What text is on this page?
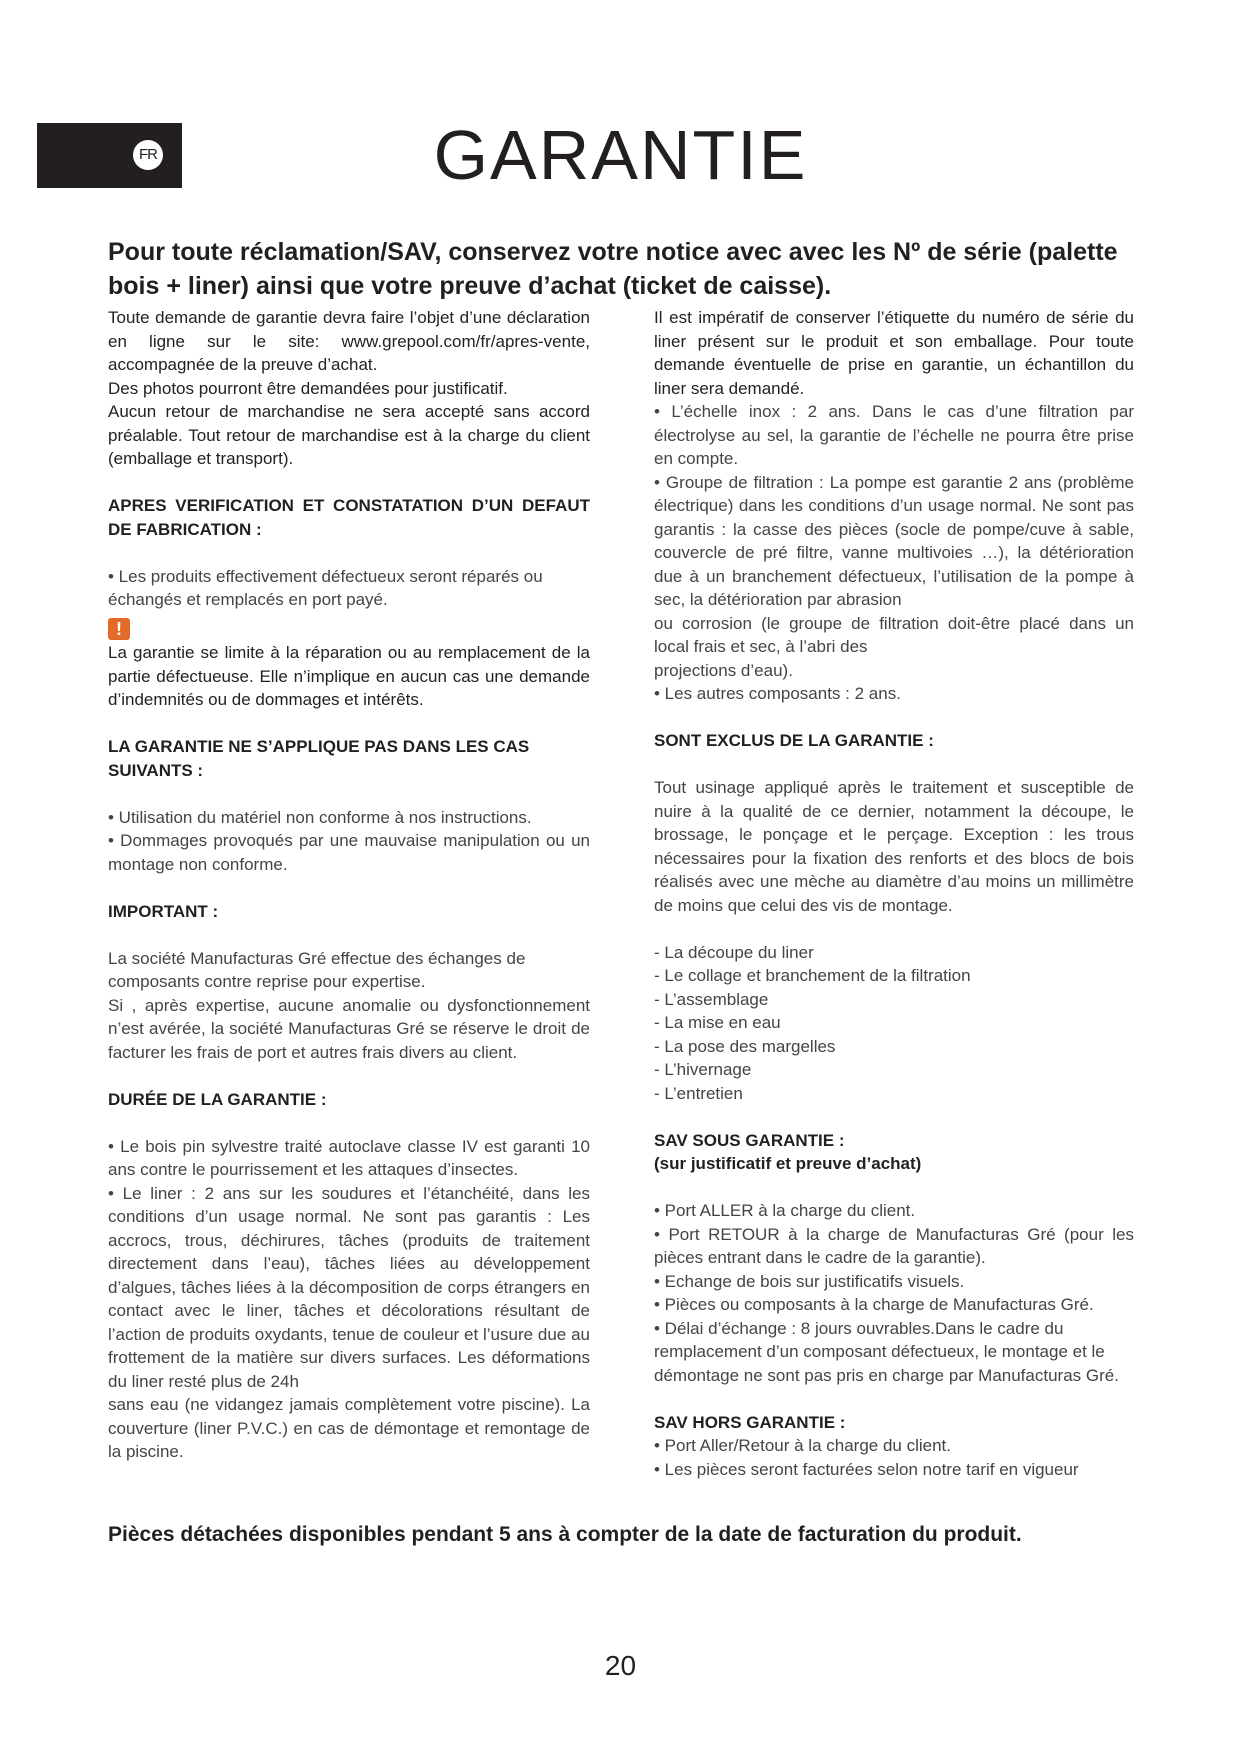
FR	GARANTIE

Pour toute réclamation/SAV, conservez votre notice avec avec les Nº de série (palette bois + liner) ainsi que votre preuve d’achat (ticket de caisse).

Toute demande de garantie devra faire l’objet d’une déclaration en ligne sur le site: www.grepool.com/fr/apres-vente, accompagnée de la preuve d’achat.

Des photos pourront être demandées pour justificatif.

Aucun retour de marchandise ne sera accepté sans accord préalable. Tout retour de marchandise est à la charge du client (emballage et transport).

APRES VERIFICATION ET CONSTATATION D’UN DEFAUT DE FABRICATION :

• Les produits effectivement défectueux seront réparés ou échangés et remplacés en port payé.

!

La garantie se limite à la réparation ou au remplacement de la partie défectueuse. Elle n’implique en aucun cas une demande d’indemnités ou de dommages et intérêts.

LA GARANTIE NE S’APPLIQUE PAS DANS LES CAS SUIVANTS :

• Utilisation du matériel non conforme à nos instructions.

• Dommages provoqués par une mauvaise manipulation ou un montage non conforme.

IMPORTANT :

La société Manufacturas Gré effectue des échanges de composants contre reprise pour expertise.

Si , après expertise, aucune anomalie ou dysfonctionnement n’est avérée, la société Manufacturas Gré se réserve le droit de facturer les frais de port et autres frais divers au client.

DURÉE DE LA GARANTIE :

• Le bois pin sylvestre traité autoclave classe IV est garanti 10 ans contre le pourrissement et les attaques d’insectes.

• Le liner : 2 ans sur les soudures et l’étanchéité, dans les conditions d’un usage normal. Ne sont pas garantis : Les accrocs, trous, déchirures, tâches (produits de traitement directement dans l’eau), tâches liées au développement d’algues, tâches liées à la décomposition de corps étrangers en contact avec le liner, tâches et décolorations résultant de l’action de produits oxydants, tenue de couleur et l’usure due au frottement de la matière sur divers surfaces. Les déformations du liner resté plus de 24h

sans eau (ne vidangez jamais complètement votre piscine). La couverture (liner P.V.C.) en cas de démontage et remontage de la piscine.

Il est impératif de conserver l’étiquette du numéro de série du liner présent sur le produit et son emballage. Pour toute demande éventuelle de prise en garantie, un échantillon du liner sera demandé.

• L’échelle inox : 2 ans. Dans le cas d’une filtration par électrolyse au sel, la garantie de l’échelle ne pourra être prise en compte.

• Groupe de filtration : La pompe est garantie 2 ans (problème électrique) dans les conditions d’un usage normal. Ne sont pas garantis : la casse des pièces (socle de pompe/cuve à sable, couvercle de pré filtre, vanne multivoies …), la détérioration due à un branchement défectueux, l’utilisation de la pompe à sec, la détérioration par abrasion

ou corrosion (le groupe de filtration doit-être placé dans un local frais et sec, à l’abri des

projections d’eau).

• Les autres composants : 2 ans.

SONT EXCLUS DE LA GARANTIE :

Tout usinage appliqué après le traitement et susceptible de nuire à la qualité de ce dernier, notamment la découpe, le brossage, le ponçage et le perçage. Exception : les trous nécessaires pour la fixation des renforts et des blocs de bois réalisés avec une mèche au diamètre d’au moins un millimètre de moins que celui des vis de montage.

- La découpe du liner

- Le collage et branchement de la filtration

- L’assemblage

- La mise en eau

- La pose des margelles

- L’hivernage

- L’entretien

SAV SOUS GARANTIE :

(sur justificatif et preuve d’achat)

• Port ALLER à la charge du client.

• Port RETOUR à la charge de Manufacturas Gré (pour les pièces entrant dans le cadre de la garantie).

• Echange de bois sur justificatifs visuels.

• Pièces ou composants à la charge de Manufacturas Gré.

• Délai d’échange : 8 jours ouvrables.Dans le cadre du remplacement d’un composant défectueux, le montage et le démontage ne sont pas pris en charge par Manufacturas Gré.

SAV HORS GARANTIE :

• Port Aller/Retour à la charge du client.

• Les pièces seront facturées selon notre tarif en vigueur

Pièces détachées disponibles pendant 5 ans à compter de la date de facturation du produit.

20
